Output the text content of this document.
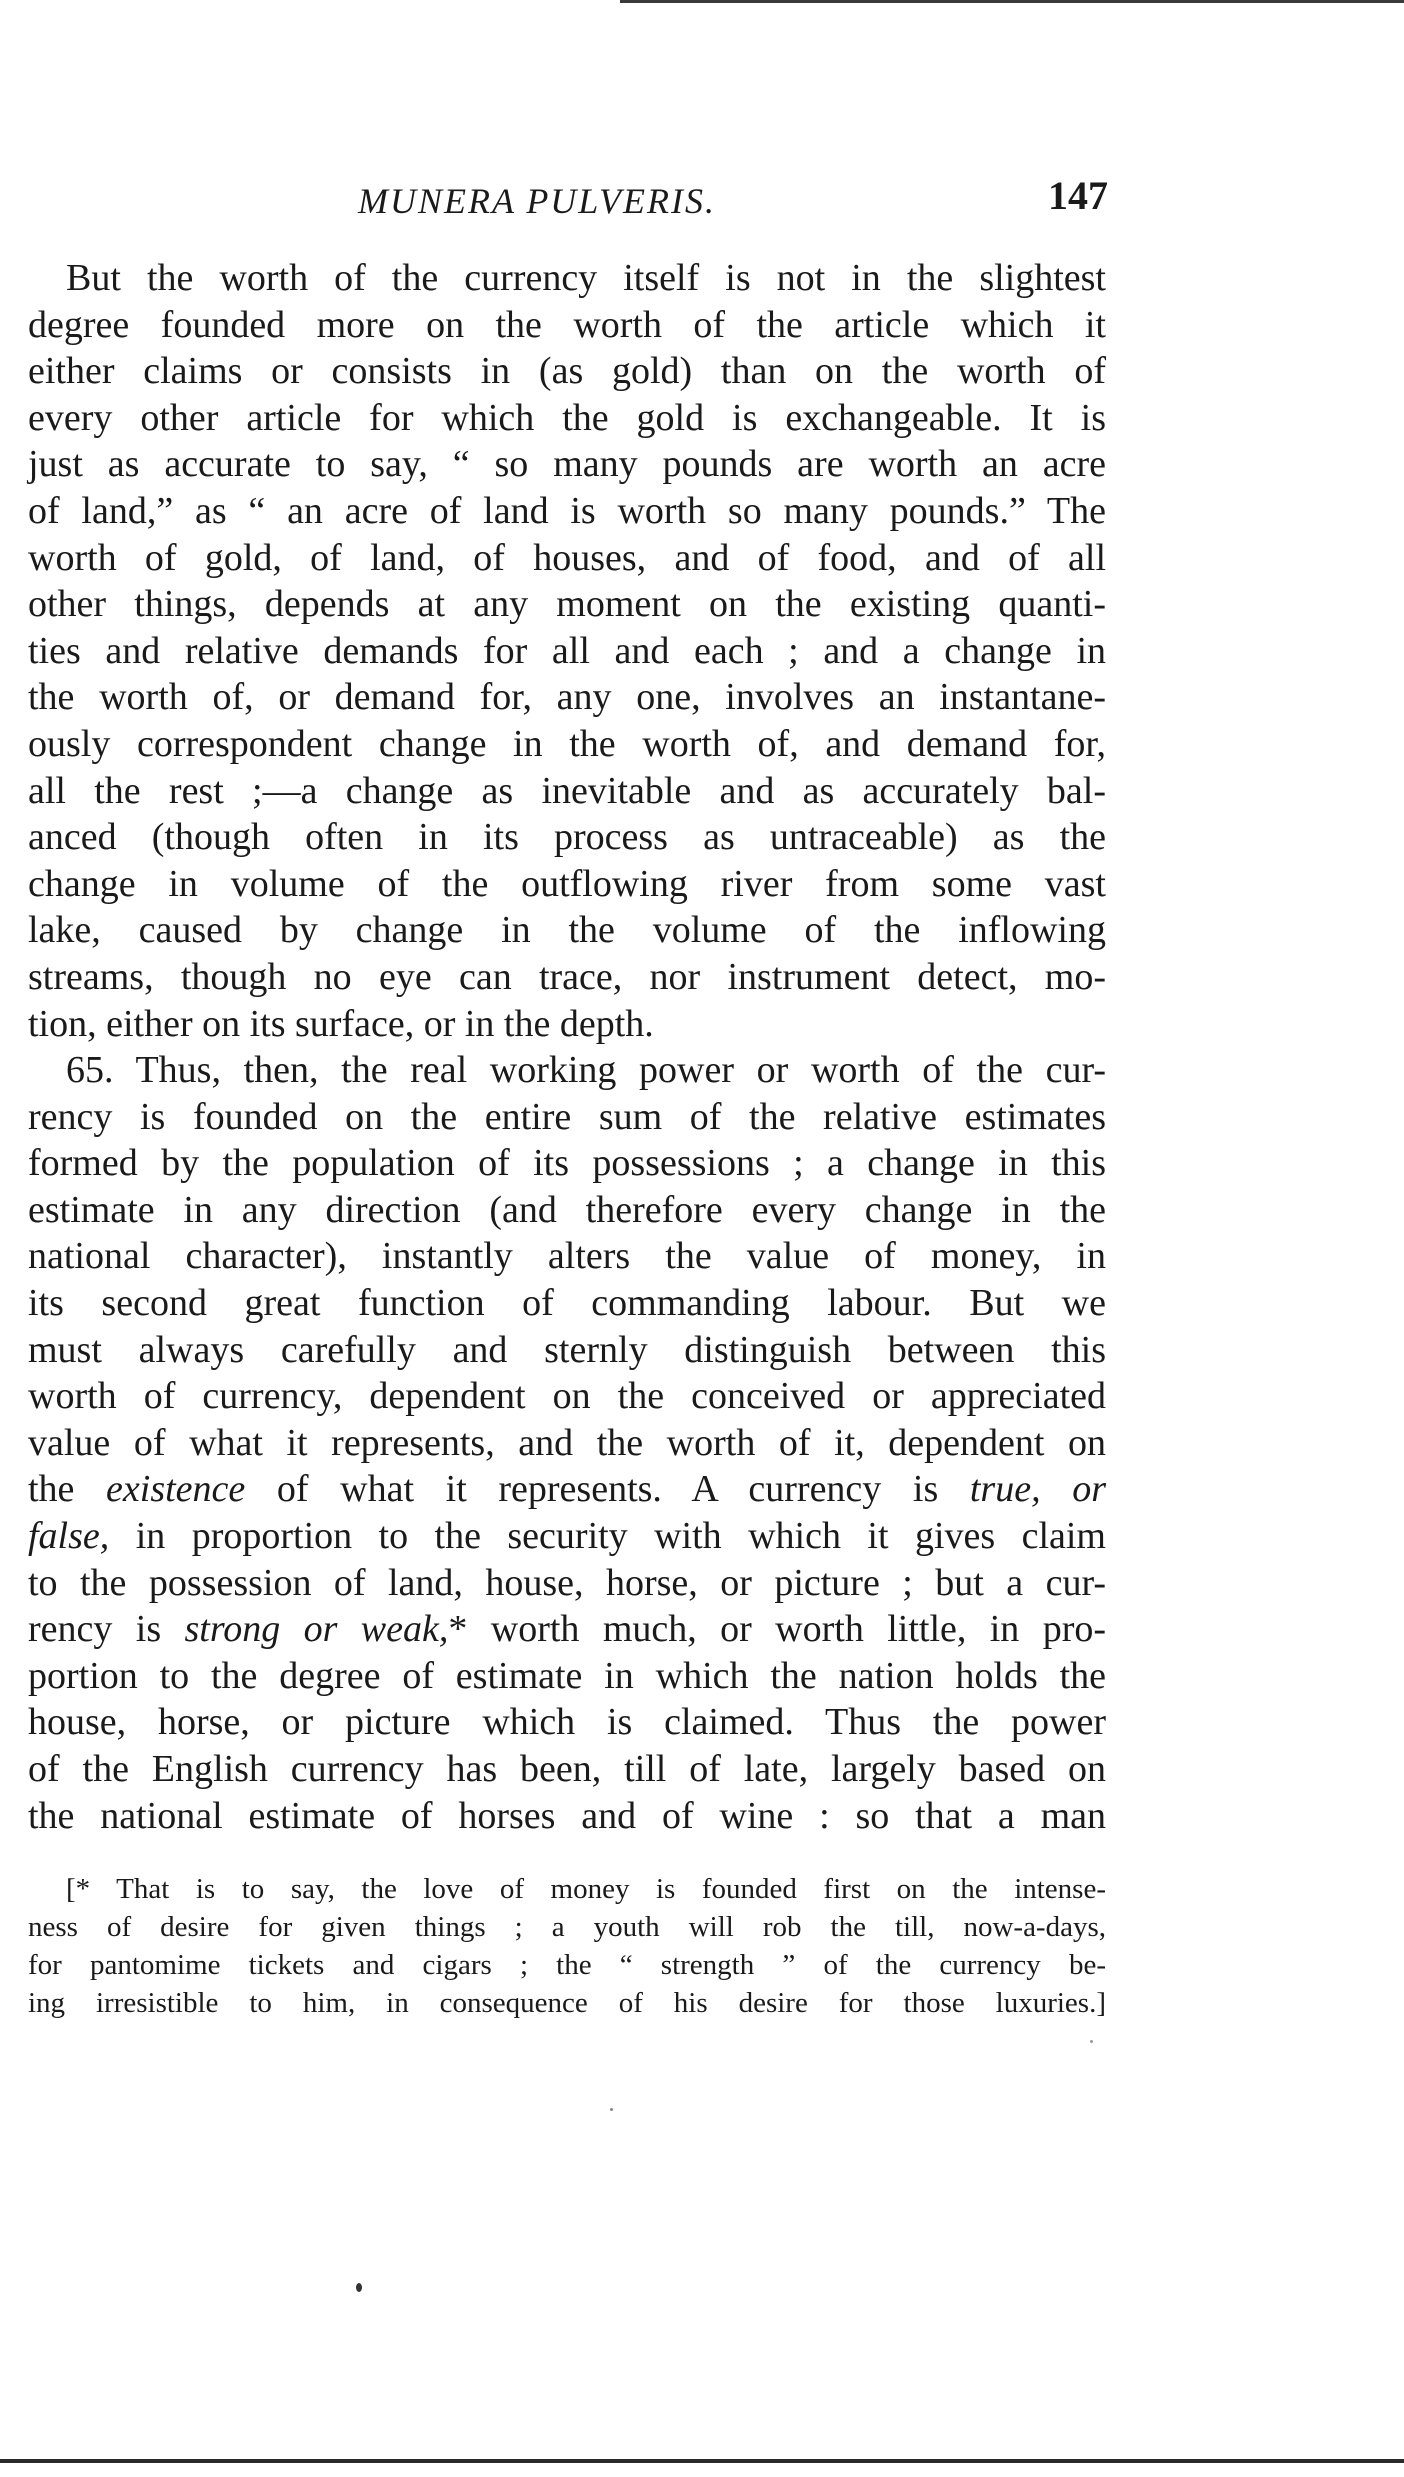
MUNERA PULVERIS.	147
But the worth of the currency itself is not in the slightest
degree founded more on the worth of the article which it
either claims or consists in (as gold) than on the worth of
every other article for which the gold is exchangeable. It is
just as accurate to say, “ so many pounds are worth an acre
of land,” as “ an acre of land is worth so many pounds.” The
worth of gold, of land, of houses, and of food, and of all
other things, depends at any moment on the existing quanti-
ties and relative demands for all and each ; and a change in
the worth of, or demand for, any one, involves an instantane-
ously correspondent change in the worth of, and demand for,
all the rest ;—a change as inevitable and as accurately bal-
anced (though often in its process as untraceable) as the
change in volume of the outflowing river from some vast
lake, caused by change in the volume of the inflowing
streams, though no eye can trace, nor instrument detect, mo-
tion, either on its surface, or in the depth.
65. Thus, then, the real working power or worth of the cur-
rency is founded on the entire sum of the relative estimates
formed by the population of its possessions ; a change in this
estimate in any direction (and therefore every change in the
national character), instantly alters the value of money, in
its second great function of commanding labour. But we
must always carefully and sternly distinguish between this
worth of currency, dependent on the conceived or appreciated
value of what it represents, and the worth of it, dependent on
the existence of what it represents. A currency is true, or
false, in proportion to the security with which it gives claim
to the possession of land, house, horse, or picture ; but a cur-
rency is strong or weak,* worth much, or worth little, in pro-
portion to the degree of estimate in which the nation holds the
house, horse, or picture which is claimed. Thus the power
of the English currency has been, till of late, largely based on
the national estimate of horses and of wine : so that a man
[* That is to say, the love of money is founded first on the intense-
ness of desire for given things ; a youth will rob the till, now-a-days,
for pantomime tickets and cigars ; the “ strength ” of the currency be-
ing irresistible to him, in consequence of his desire for those luxuries.]
